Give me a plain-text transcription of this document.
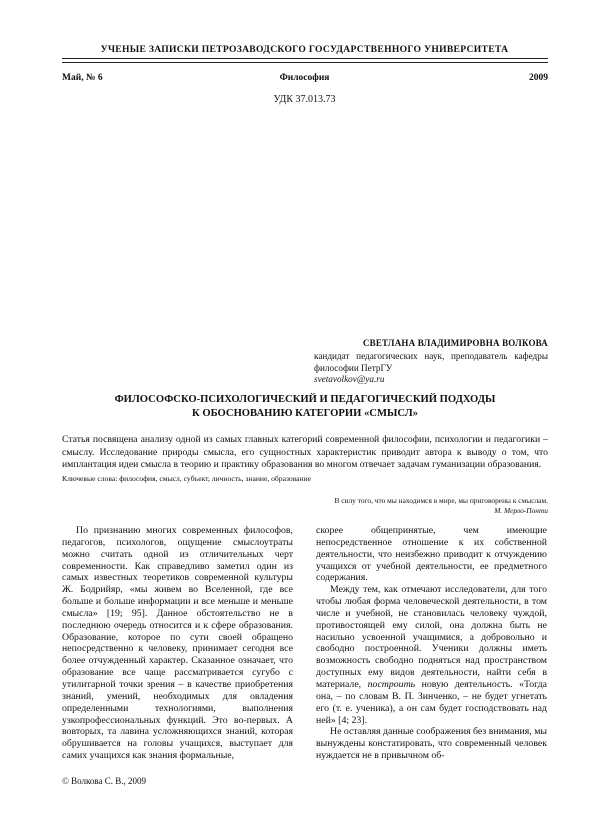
УЧЕНЫЕ ЗАПИСКИ ПЕТРОЗАВОДСКОГО ГОСУДАРСТВЕННОГО УНИВЕРСИТЕТА
Май, № 6	Философия	2009
УДК 37.013.73
СВЕТЛАНА ВЛАДИМИРОВНА ВОЛКОВА
кандидат педагогических наук, преподаватель кафедры философии ПетрГУ
svetavolkov@ya.ru
ФИЛОСОФСКО-ПСИХОЛОГИЧЕСКИЙ И ПЕДАГОГИЧЕСКИЙ ПОДХОДЫ
К ОБОСНОВАНИЮ КАТЕГОРИИ «СМЫСЛ»
Статья посвящена анализу одной из самых главных категорий современной философии, психологии и педагогики – смыслу. Исследование природы смысла, его сущностных характеристик приводит автора к выводу о том, что имплантация идеи смысла в теорию и практику образования во многом отвечает задачам гуманизации образования.
Ключевые слова: философия, смысл, субъект, личность, знание, образование
В силу того, что мы находимся в мире, мы приговорены к смыслам.
М. Мерло-Понти

По признанию многих современных философов, педагогов, психологов, ощущение смыслоутраты можно считать одной из отличительных черт современности. Как справедливо заметил один из самых известных теоретиков современной культуры Ж. Бодрийяр, «мы живем во Вселенной, где все больше и больше информации и все меньше и меньше смысла» [19; 95]. Данное обстоятельство не в последнюю очередь относится и к сфере образования. Образование, которое по сути своей обращено непосредственно к человеку, принимает сегодня все более отчужденный характер. Сказанное означает, что образование все чаще рассматривается сугубо с утилитарной точки зрения – в качестве приобретения знаний, умений, необходимых для овладения определенными технологиями, выполнения узкопрофессиональных функций. Это во-первых. А вовторых, та лавина усложняющихся знаний, которая обрушивается на головы учащихся, выступает для самих учащихся как знания формальные,

скорее общепринятые, чем имеющие непосредственное отношение к их собственной деятельности, что неизбежно приводит к отчуждению учащихся от учебной деятельности, ее предметного содержания.

Между тем, как отмечают исследователи, для того чтобы любая форма человеческой деятельности, в том числе и учебной, не становилась человеку чуждой, противостоящей ему силой, она должна быть не насильно усвоенной учащимися, а добровольно и свободно построенной. Ученики должны иметь возможность свободно подняться над пространством доступных ему видов деятельности, найти себя в материале, построить новую деятельность. «Тогда она, – по словам В. П. Зинченко, – не будет угнетать его (т. е. ученика), а он сам будет господствовать над ней» [4; 23].

Не оставляя данные соображения без внимания, мы вынуждены констатировать, что современный человек нуждается не в привычном об-

© Волкова С. В., 2009
